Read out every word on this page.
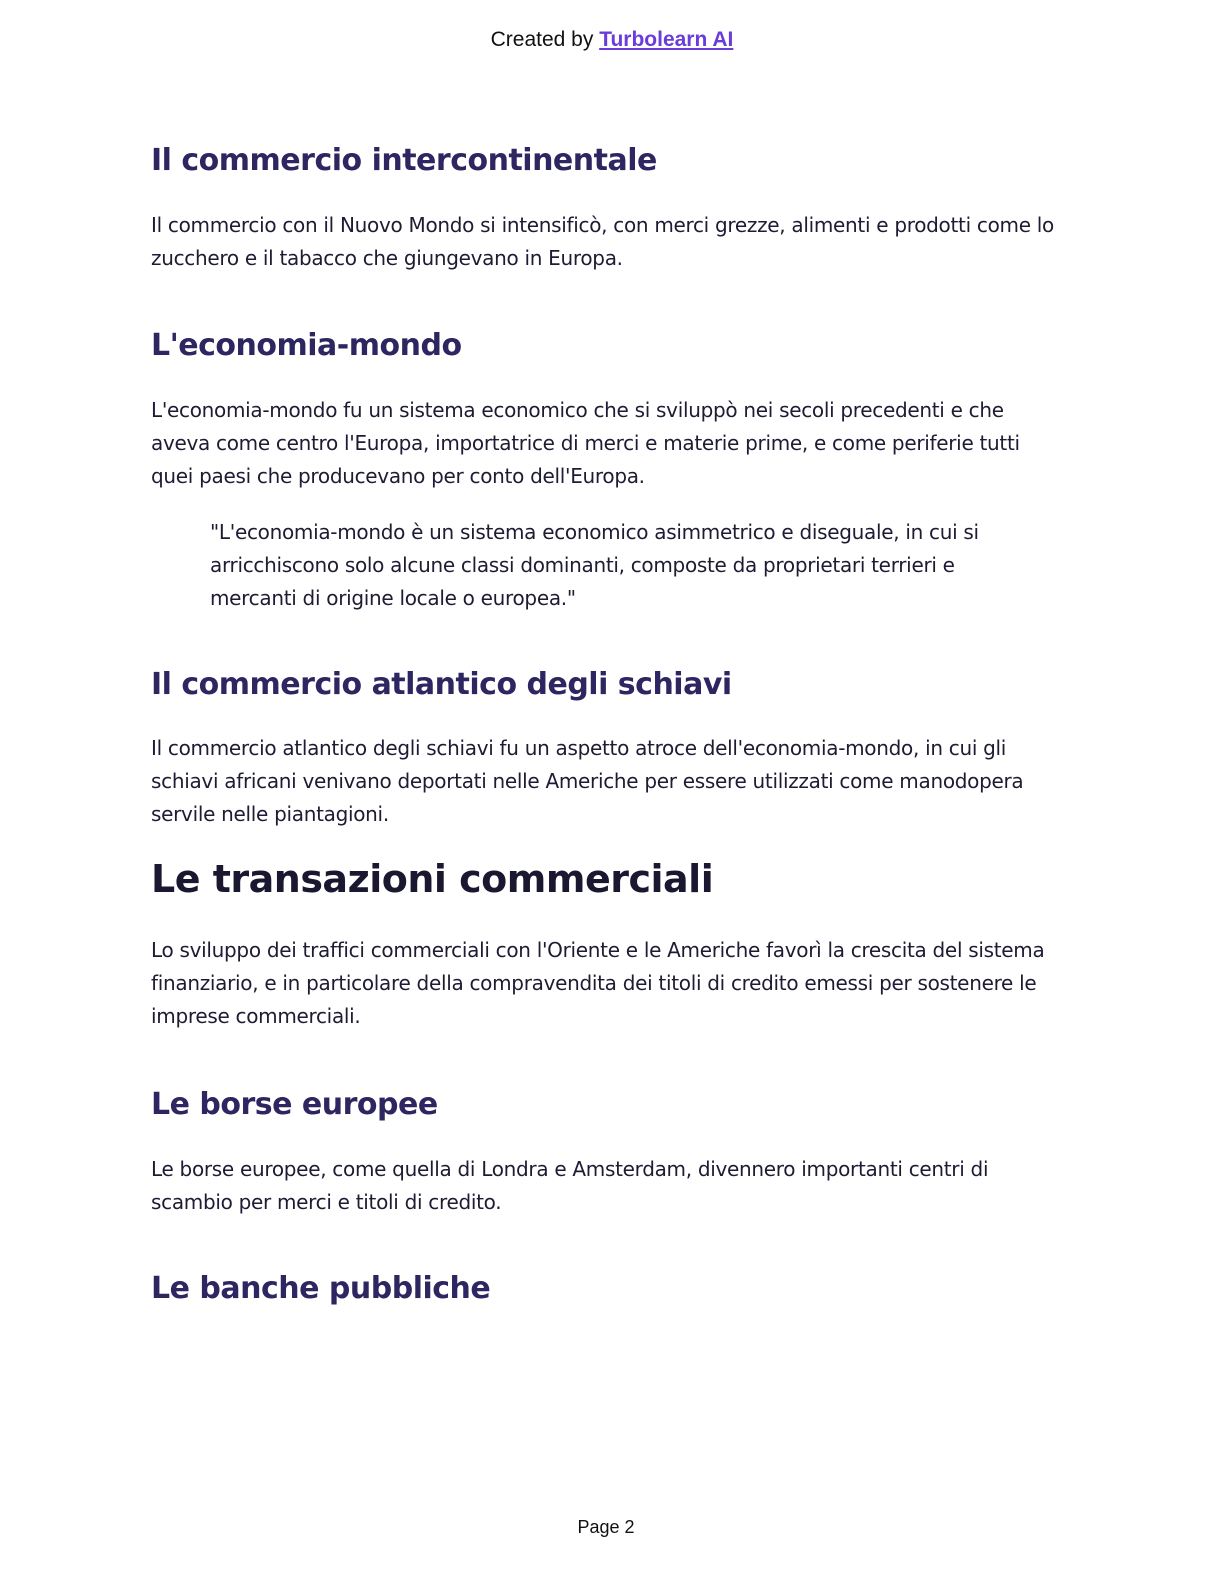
Created by Turbolearn AI
Il commercio intercontinentale

Il commercio con il Nuovo Mondo si intensificò, con merci grezze, alimenti e prodotti come lo zucchero e il tabacco che giungevano in Europa.

L'economia-mondo

L'economia-mondo fu un sistema economico che si sviluppò nei secoli precedenti e che aveva come centro l'Europa, importatrice di merci e materie prime, e come periferie tutti quei paesi che producevano per conto dell'Europa.

"L'economia-mondo è un sistema economico asimmetrico e diseguale, in cui si arricchiscono solo alcune classi dominanti, composte da proprietari terrieri e mercanti di origine locale o europea."
Il commercio atlantico degli schiavi

Il commercio atlantico degli schiavi fu un aspetto atroce dell'economia-mondo, in cui gli schiavi africani venivano deportati nelle Americhe per essere utilizzati come manodopera servile nelle piantagioni.

Le transazioni commerciali

Lo sviluppo dei traffici commerciali con l'Oriente e le Americhe favorì la crescita del sistema finanziario, e in particolare della compravendita dei titoli di credito emessi per sostenere le imprese commerciali.

Le borse europee

Le borse europee, come quella di Londra e Amsterdam, divennero importanti centri di scambio per merci e titoli di credito.

Le banche pubbliche
Page 2
